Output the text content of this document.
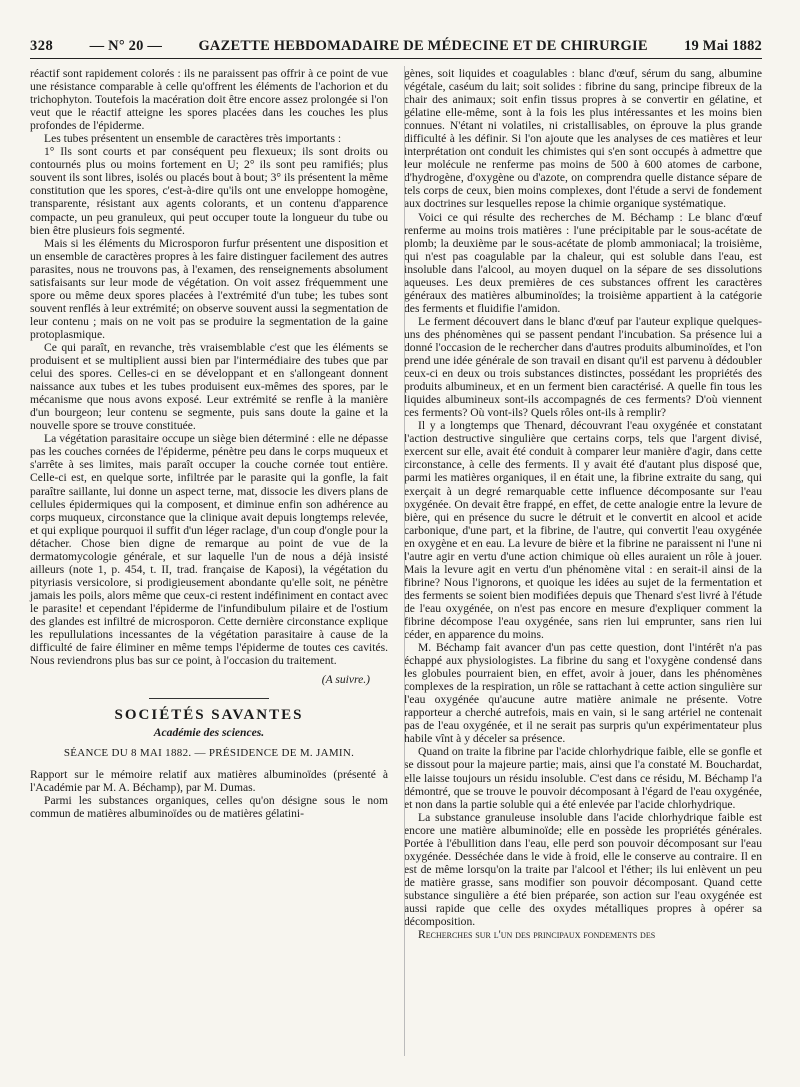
328	— N° 20 —	GAZETTE HEBDOMADAIRE DE MÉDECINE ET DE CHIRURGIE	19 Mai 1882

réactif sont rapidement colorés : ils ne paraissent pas offrir à ce point de vue une résistance comparable à celle qu'offrent les éléments de l'achorion et du trichophyton. Toutefois la macération doit être encore assez prolongée si l'on veut que le réactif atteigne les spores placées dans les couches les plus profondes de l'épiderme.

Les tubes présentent un ensemble de caractères très importants :

1° Ils sont courts et par conséquent peu flexueux; ils sont droits ou contournés plus ou moins fortement en U; 2° ils sont peu ramifiés; plus souvent ils sont libres, isolés ou placés bout à bout; 3° ils présentent la même constitution que les spores, c'est-à-dire qu'ils ont une enveloppe homogène, transparente, résistant aux agents colorants, et un contenu d'apparence compacte, un peu granuleux, qui peut occuper toute la longueur du tube ou bien être plusieurs fois segmenté.

Mais si les éléments du Microsporon furfur présentent une disposition et un ensemble de caractères propres à les faire distinguer facilement des autres parasites, nous ne trouvons pas, à l'examen, des renseignements absolument satisfaisants sur leur mode de végétation. On voit assez fréquemment une spore ou même deux spores placées à l'extrémité d'un tube; les tubes sont souvent renflés à leur extrémité; on observe souvent aussi la segmentation de leur contenu ; mais on ne voit pas se produire la segmentation de la gaine protoplasmique.

Ce qui paraît, en revanche, très vraisemblable c'est que les éléments se produisent et se multiplient aussi bien par l'intermédiaire des tubes que par celui des spores. Celles-ci en se développant et en s'allongeant donnent naissance aux tubes et les tubes produisent eux-mêmes des spores, par le mécanisme que nous avons exposé. Leur extrémité se renfle à la manière d'un bourgeon; leur contenu se segmente, puis sans doute la gaine et la nouvelle spore se trouve constituée.

La végétation parasitaire occupe un siège bien déterminé : elle ne dépasse pas les couches cornées de l'épiderme, pénètre peu dans le corps muqueux et s'arrête à ses limites, mais paraît occuper la couche cornée tout entière. Celle-ci est, en quelque sorte, infiltrée par le parasite qui la gonfle, la fait paraître saillante, lui donne un aspect terne, mat, dissocie les divers plans de cellules épidermiques qui la composent, et diminue enfin son adhérence au corps muqueux, circonstance que la clinique avait depuis longtemps relevée, et qui explique pourquoi il suffit d'un léger raclage, d'un coup d'ongle pour la détacher. Chose bien digne de remarque au point de vue de la dermatomycologie générale, et sur laquelle l'un de nous a déjà insisté ailleurs (note 1, p. 454, t. II, trad. française de Kaposi), la végétation du pityriasis versicolore, si prodigieusement abondante qu'elle soit, ne pénètre jamais les poils, alors même que ceux-ci restent indéfiniment en contact avec le parasite! et cependant l'épiderme de l'infundibulum pilaire et de l'ostium des glandes est infiltré de microsporon. Cette dernière circonstance explique les repullulations incessantes de la végétation parasitaire à cause de la difficulté de faire éliminer en même temps l'épiderme de toutes ces cavités. Nous reviendrons plus bas sur ce point, à l'occasion du traitement.

(A suivre.)
SOCIÉTÉS SAVANTES
Académie des sciences.
SÉANCE DU 8 MAI 1882. — PRÉSIDENCE DE M. JAMIN.

Rapport sur le mémoire relatif aux matières albuminoïdes (présenté à l'Académie par M. A. Béchamp), par M. Dumas.

Parmi les substances organiques, celles qu'on désigne sous le nom commun de matières albuminoïdes ou de matières gélatini-

gènes, soit liquides et coagulables : blanc d'œuf, sérum du sang, albumine végétale, caséum du lait; soit solides : fibrine du sang, principe fibreux de la chair des animaux; soit enfin tissus propres à se convertir en gélatine, et gélatine elle-même, sont à la fois les plus intéressantes et les moins bien connues. N'étant ni volatiles, ni cristallisables, on éprouve la plus grande difficulté à les définir. Si l'on ajoute que les analyses de ces matières et leur interprétation ont conduit les chimistes qui s'en sont occupés à admettre que leur molécule ne renferme pas moins de 500 à 600 atomes de carbone, d'hydrogène, d'oxygène ou d'azote, on comprendra quelle distance sépare de tels corps de ceux, bien moins complexes, dont l'étude a servi de fondement aux doctrines sur lesquelles repose la chimie organique systématique.

Voici ce qui résulte des recherches de M. Béchamp : Le blanc d'œuf renferme au moins trois matières : l'une précipitable par le sous-acétate de plomb; la deuxième par le sous-acétate de plomb ammoniacal; la troisième, qui n'est pas coagulable par la chaleur, qui est soluble dans l'eau, est insoluble dans l'alcool, au moyen duquel on la sépare de ses dissolutions aqueuses. Les deux premières de ces substances offrent les caractères généraux des matières albuminoïdes; la troisième appartient à la catégorie des ferments et fluidifie l'amidon.

Le ferment découvert dans le blanc d'œuf par l'auteur explique quelques-uns des phénomènes qui se passent pendant l'incubation. Sa présence lui a donné l'occasion de le rechercher dans d'autres produits albuminoïdes, et l'on prend une idée générale de son travail en disant qu'il est parvenu à dédoubler ceux-ci en deux ou trois substances distinctes, possédant les propriétés des produits albumineux, et en un ferment bien caractérisé. A quelle fin tous les liquides albumineux sont-ils accompagnés de ces ferments? D'où viennent ces ferments? Où vont-ils? Quels rôles ont-ils à remplir?

Il y a longtemps que Thenard, découvrant l'eau oxygénée et constatant l'action destructive singulière que certains corps, tels que l'argent divisé, exercent sur elle, avait été conduit à comparer leur manière d'agir, dans cette circonstance, à celle des ferments. Il y avait été d'autant plus disposé que, parmi les matières organiques, il en était une, la fibrine extraite du sang, qui exerçait à un degré remarquable cette influence décomposante sur l'eau oxygénée. On devait être frappé, en effet, de cette analogie entre la levure de bière, qui en présence du sucre le détruit et le convertit en alcool et acide carbonique, d'une part, et la fibrine, de l'autre, qui convertit l'eau oxygénée en oxygène et en eau. La levure de bière et la fibrine ne paraissent ni l'une ni l'autre agir en vertu d'une action chimique où elles auraient un rôle à jouer. Mais la levure agit en vertu d'un phénomène vital : en serait-il ainsi de la fibrine? Nous l'ignorons, et quoique les idées au sujet de la fermentation et des ferments se soient bien modifiées depuis que Thenard s'est livré à l'étude de l'eau oxygénée, on n'est pas encore en mesure d'expliquer comment la fibrine décompose l'eau oxygénée, sans rien lui emprunter, sans rien lui céder, en apparence du moins.

M. Béchamp fait avancer d'un pas cette question, dont l'intérêt n'a pas échappé aux physiologistes. La fibrine du sang et l'oxygène condensé dans les globules pourraient bien, en effet, avoir à jouer, dans les phénomènes complexes de la respiration, un rôle se rattachant à cette action singulière sur l'eau oxygénée qu'aucune autre matière animale ne présente. Votre rapporteur a cherché autrefois, mais en vain, si le sang artériel ne contenait pas de l'eau oxygénée, et il ne serait pas surpris qu'un expérimentateur plus habile vînt à y déceler sa présence.

Quand on traite la fibrine par l'acide chlorhydrique faible, elle se gonfle et se dissout pour la majeure partie; mais, ainsi que l'a constaté M. Bouchardat, elle laisse toujours un résidu insoluble. C'est dans ce résidu, M. Béchamp l'a démontré, que se trouve le pouvoir décomposant à l'égard de l'eau oxygénée, et non dans la partie soluble qui a été enlevée par l'acide chlorhydrique.

La substance granuleuse insoluble dans l'acide chlorhydrique faible est encore une matière albuminoïde; elle en possède les propriétés générales. Portée à l'ébullition dans l'eau, elle perd son pouvoir décomposant sur l'eau oxygénée. Desséchée dans le vide à froid, elle le conserve au contraire. Il en est de même lorsqu'on la traite par l'alcool et l'éther; ils lui enlèvent un peu de matière grasse, sans modifier son pouvoir décomposant. Quand cette substance singulière a été bien préparée, son action sur l'eau oxygénée est aussi rapide que celle des oxydes métalliques propres à opérer sa décomposition.

Recherches sur l'un des principaux fondements des
